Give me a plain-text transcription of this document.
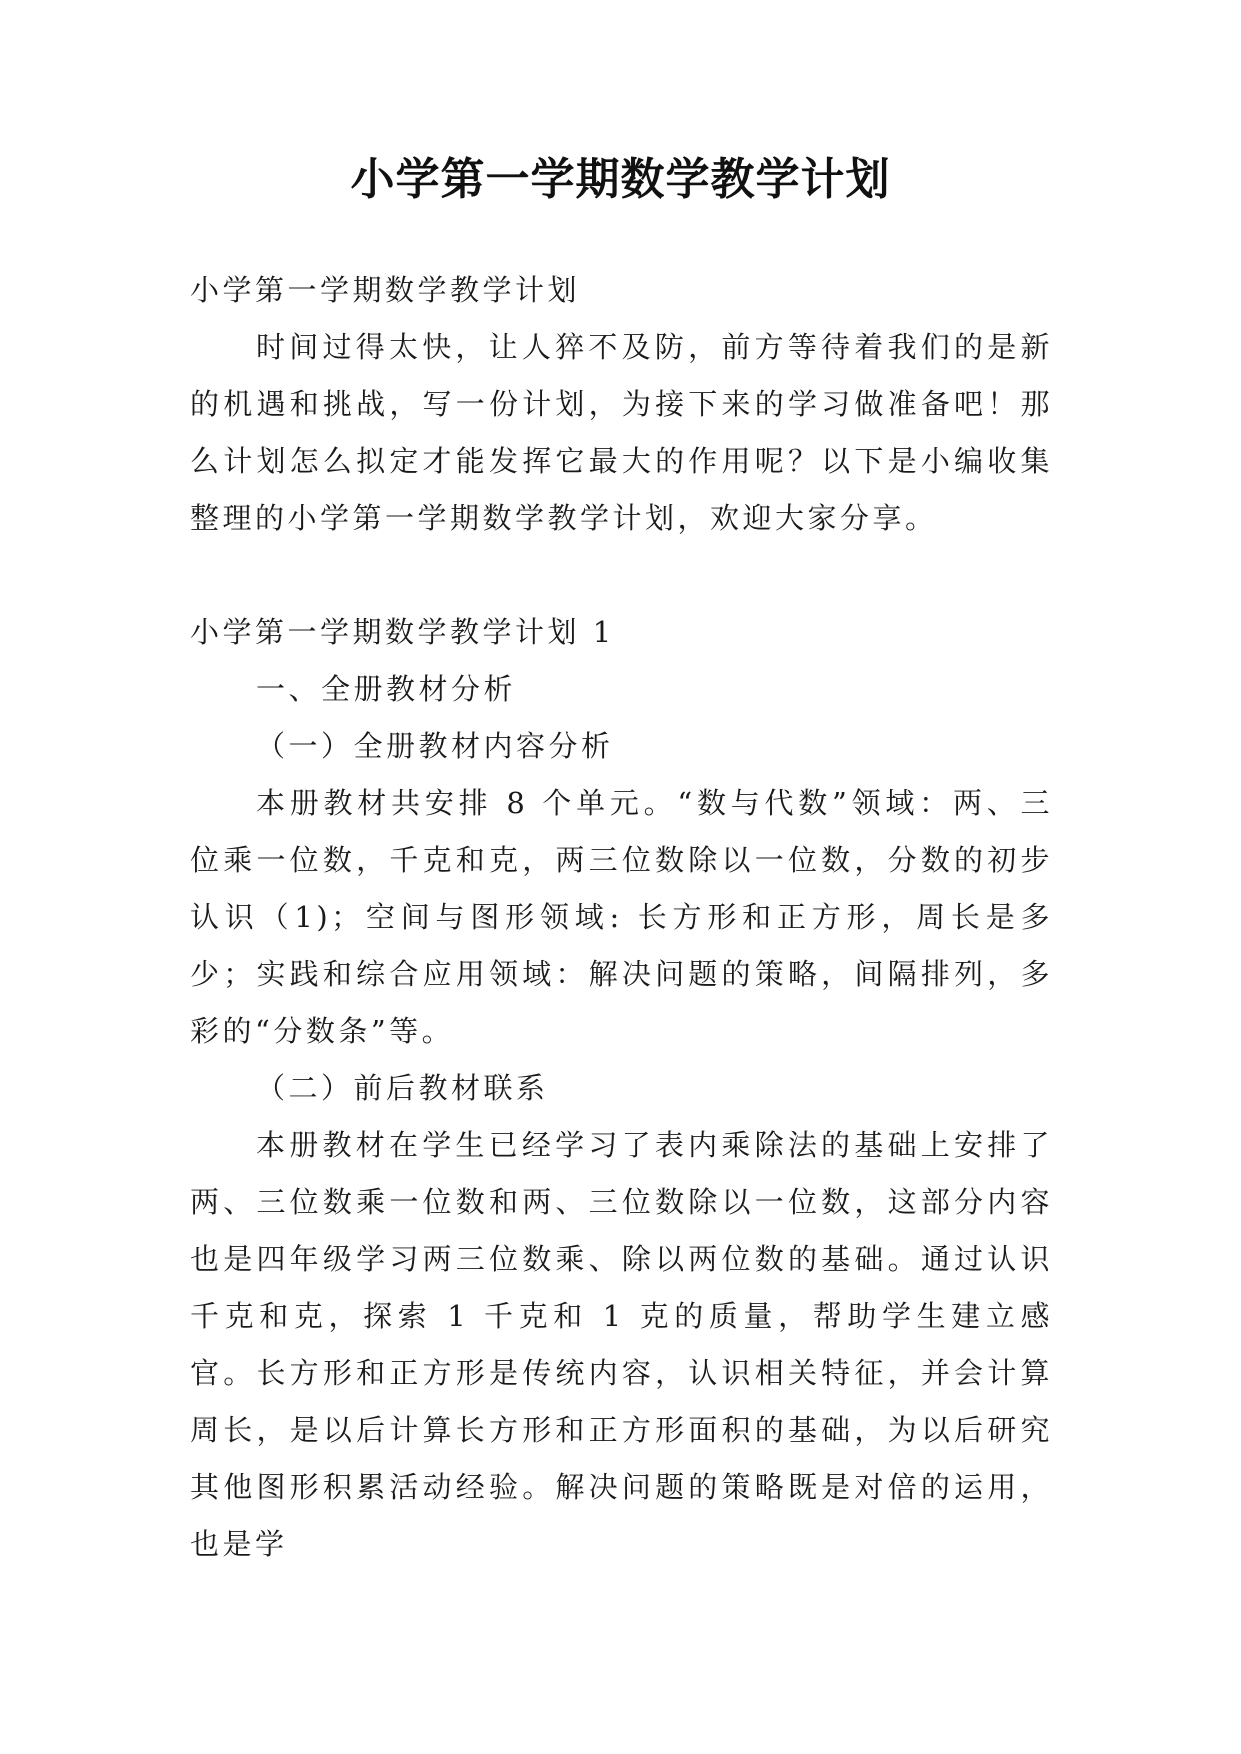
小学第一学期数学教学计划

小学第一学期数学教学计划

时间过得太快，让人猝不及防，前方等待着我们的是新的机遇和挑战，写一份计划，为接下来的学习做准备吧！那么计划怎么拟定才能发挥它最大的作用呢？以下是小编收集整理的小学第一学期数学教学计划，欢迎大家分享。

小学第一学期数学教学计划 1

一、全册教材分析

（一）全册教材内容分析

本册教材共安排 8 个单元。“数与代数”领域：两、三位乘一位数，千克和克，两三位数除以一位数，分数的初步认识（1)；空间与图形领域: 长方形和正方形，周长是多少；实践和综合应用领域：解决问题的策略，间隔排列，多彩的“分数条”等。

（二）前后教材联系

本册教材在学生已经学习了表内乘除法的基础上安排了两、三位数乘一位数和两、三位数除以一位数，这部分内容也是四年级学习两三位数乘、除以两位数的基础。通过认识千克和克，探索 1 千克和 1 克的质量，帮助学生建立感官。长方形和正方形是传统内容，认识相关特征，并会计算周长，是以后计算长方形和正方形面积的基础，为以后研究其他图形积累活动经验。解决问题的策略既是对倍的运用，也是学
